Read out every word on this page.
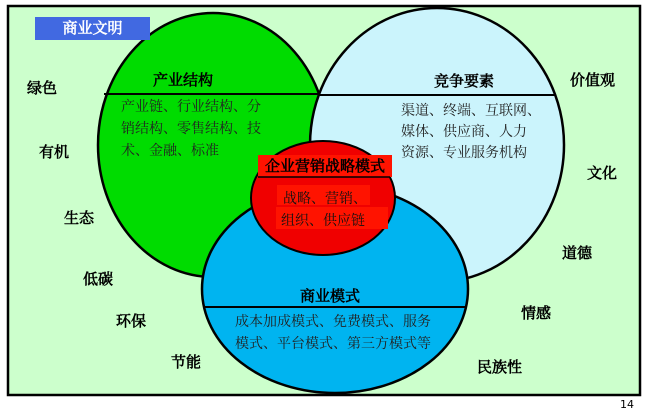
商业文明
产业结构
产业链、行业结构、分
销结构、零售结构、技
术、金融、标准
竞争要素
渠道、终端、互联网、
媒体、供应商、人力
资源、专业服务机构
商业模式
成本加成模式、免费模式、服务
模式、平台模式、第三方模式等
企业营销战略模式
战略、营销、
组织、供应链
绿色
有机
生态
低碳
环保
节能
价值观
文化
道德
情感
民族性
14
